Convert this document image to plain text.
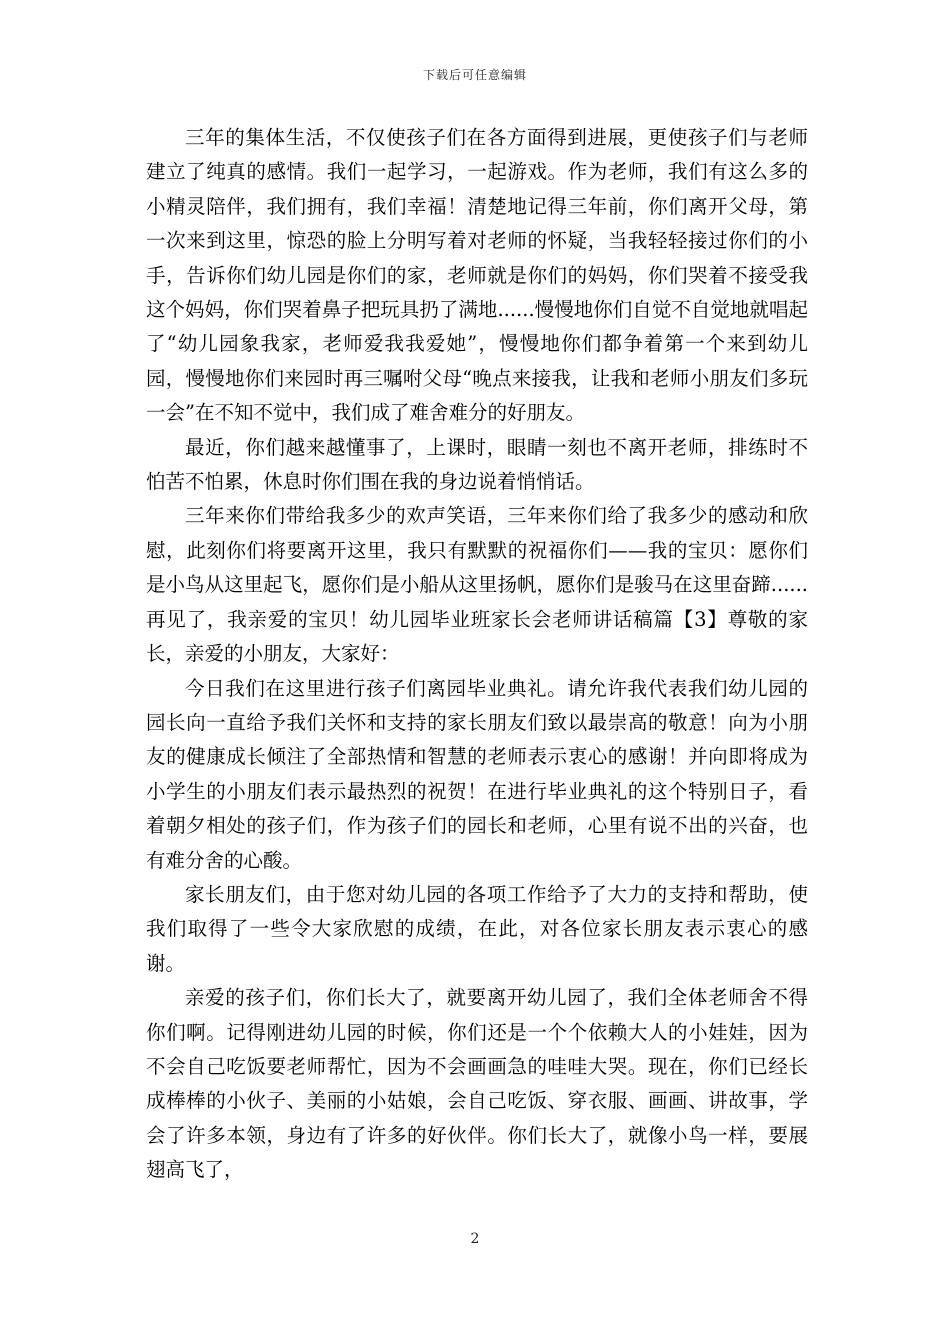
下载后可任意编辑

三年的集体生活，不仅使孩子们在各方面得到进展，更使孩子们与老师建立了纯真的感情。我们一起学习，一起游戏。作为老师，我们有这么多的小精灵陪伴，我们拥有，我们幸福！清楚地记得三年前，你们离开父母，第一次来到这里，惊恐的脸上分明写着对老师的怀疑，当我轻轻接过你们的小手，告诉你们幼儿园是你们的家，老师就是你们的妈妈，你们哭着不接受我这个妈妈，你们哭着鼻子把玩具扔了满地......慢慢地你们自觉不自觉地就唱起了“幼儿园象我家，老师爱我我爱她”，慢慢地你们都争着第一个来到幼儿园，慢慢地你们来园时再三嘱咐父母“晚点来接我，让我和老师小朋友们多玩一会”在不知不觉中，我们成了难舍难分的好朋友。

最近，你们越来越懂事了，上课时，眼睛一刻也不离开老师，排练时不怕苦不怕累，休息时你们围在我的身边说着悄悄话。

三年来你们带给我多少的欢声笑语，三年来你们给了我多少的感动和欣慰，此刻你们将要离开这里，我只有默默的祝福你们——我的宝贝：愿你们是小鸟从这里起飞，愿你们是小船从这里扬帆，愿你们是骏马在这里奋蹄......再见了，我亲爱的宝贝！幼儿园毕业班家长会老师讲话稿篇【3】尊敬的家长，亲爱的小朋友，大家好：

今日我们在这里进行孩子们离园毕业典礼。请允许我代表我们幼儿园的园长向一直给予我们关怀和支持的家长朋友们致以最崇高的敬意！向为小朋友的健康成长倾注了全部热情和智慧的老师表示衷心的感谢！并向即将成为小学生的小朋友们表示最热烈的祝贺！在进行毕业典礼的这个特别日子，看着朝夕相处的孩子们，作为孩子们的园长和老师，心里有说不出的兴奋，也有难分舍的心酸。

家长朋友们，由于您对幼儿园的各项工作给予了大力的支持和帮助，使我们取得了一些令大家欣慰的成绩，在此，对各位家长朋友表示衷心的感谢。

亲爱的孩子们，你们长大了，就要离开幼儿园了，我们全体老师舍不得你们啊。记得刚进幼儿园的时候，你们还是一个个依赖大人的小娃娃，因为不会自己吃饭要老师帮忙，因为不会画画急的哇哇大哭。现在，你们已经长成棒棒的小伙子、美丽的小姑娘，会自己吃饭、穿衣服、画画、讲故事，学会了许多本领，身边有了许多的好伙伴。你们长大了，就像小鸟一样，要展翅高飞了，

2
